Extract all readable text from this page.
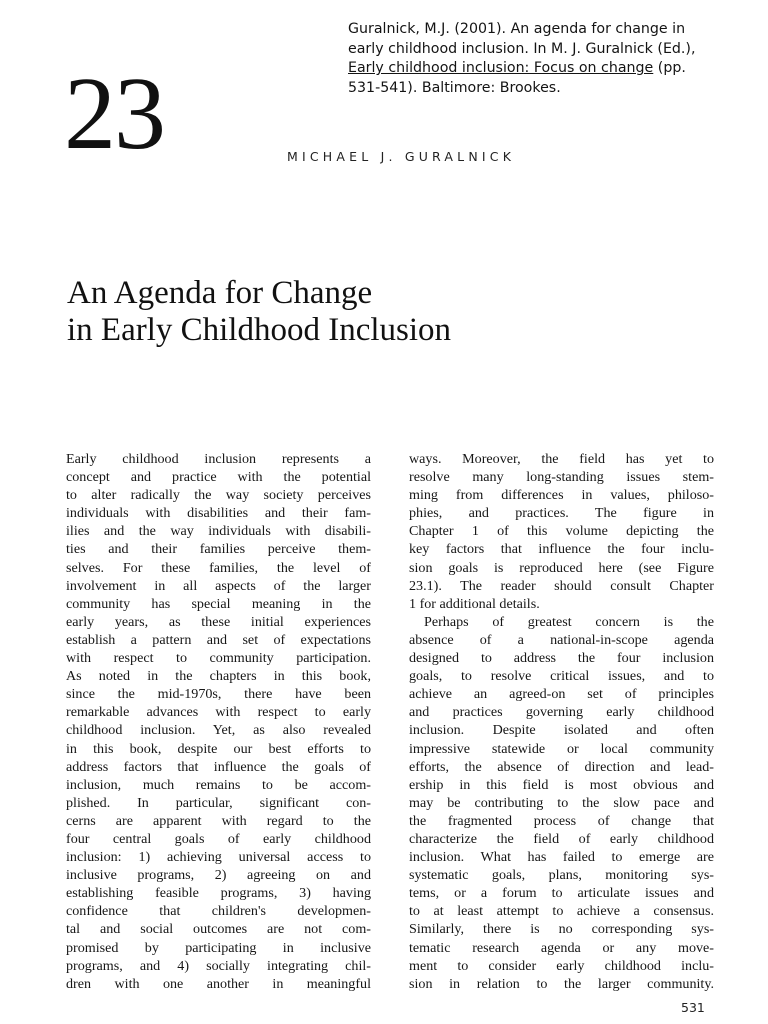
Guralnick, M.J. (2001). An agenda for change in
early childhood inclusion. In M. J. Guralnick (Ed.),
Early childhood inclusion: Focus on change (pp.
531-541). Baltimore: Brookes.
23	MICHAEL J. GURALNICK
An Agenda for Change
in Early Childhood Inclusion
Early childhood inclusion represents a
concept and practice with the potential
to alter radically the way society perceives
individuals with disabilities and their fam-
ilies and the way individuals with disabili-
ties and their families perceive them-
selves. For these families, the level of
involvement in all aspects of the larger
community has special meaning in the
early years, as these initial experiences
establish a pattern and set of expectations
with respect to community participation.
As noted in the chapters in this book,
since the mid-1970s, there have been
remarkable advances with respect to early
childhood inclusion. Yet, as also revealed
in this book, despite our best efforts to
address factors that influence the goals of
inclusion, much remains to be accom-
plished. In particular, significant con-
cerns are apparent with regard to the
four central goals of early childhood
inclusion: 1) achieving universal access to
inclusive programs, 2) agreeing on and
establishing feasible programs, 3) having
confidence that children's developmen-
tal and social outcomes are not com-
promised by participating in inclusive
programs, and 4) socially integrating chil-
dren with one another in meaningful
ways. Moreover, the field has yet to
resolve many long-standing issues stem-
ming from differences in values, philoso-
phies, and practices. The figure in
Chapter 1 of this volume depicting the
key factors that influence the four inclu-
sion goals is reproduced here (see Figure
23.1). The reader should consult Chapter
1 for additional details.
Perhaps of greatest concern is the
absence of a national-in-scope agenda
designed to address the four inclusion
goals, to resolve critical issues, and to
achieve an agreed-on set of principles
and practices governing early childhood
inclusion. Despite isolated and often
impressive statewide or local community
efforts, the absence of direction and lead-
ership in this field is most obvious and
may be contributing to the slow pace and
the fragmented process of change that
characterize the field of early childhood
inclusion. What has failed to emerge are
systematic goals, plans, monitoring sys-
tems, or a forum to articulate issues and
to at least attempt to achieve a consensus.
Similarly, there is no corresponding sys-
tematic research agenda or any move-
ment to consider early childhood inclu-
sion in relation to the larger community.
531
